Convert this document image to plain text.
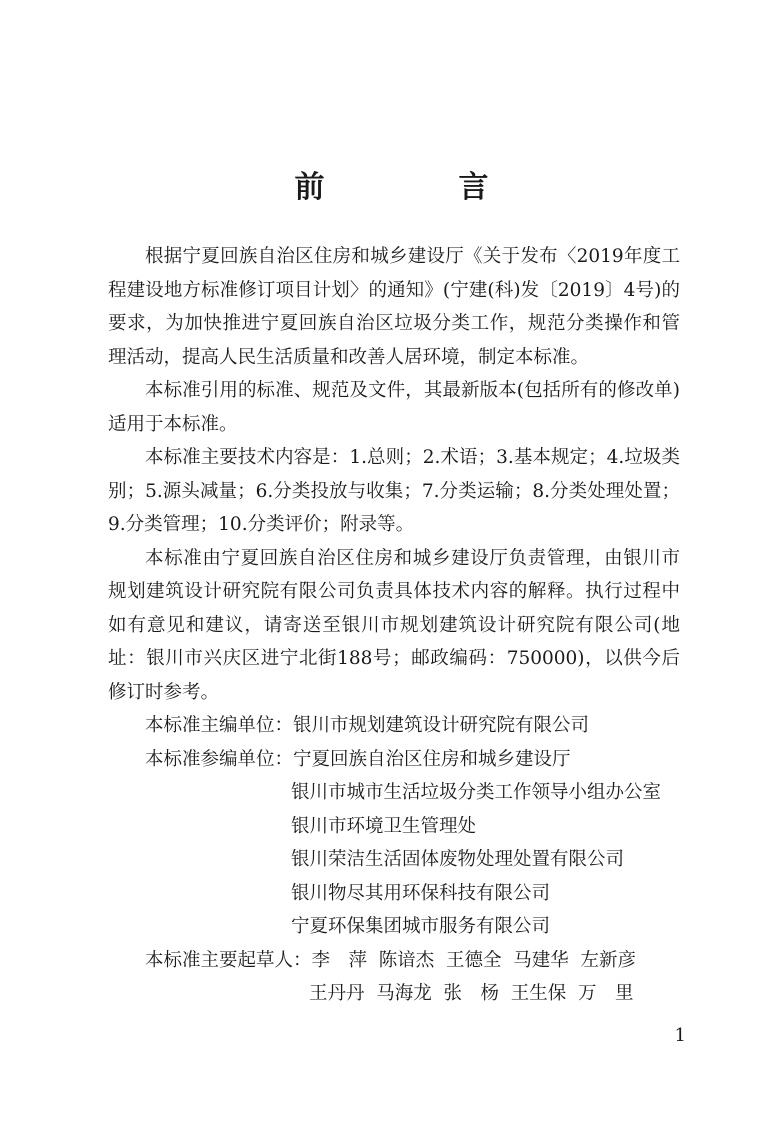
前　言

根据宁夏回族自治区住房和城乡建设厅《关于发布〈2019年度工程建设地方标准修订项目计划〉的通知》(宁建(科)发〔2019〕4号)的要求，为加快推进宁夏回族自治区垃圾分类工作，规范分类操作和管理活动，提高人民生活质量和改善人居环境，制定本标准。

本标准引用的标准、规范及文件，其最新版本(包括所有的修改单)适用于本标准。

本标准主要技术内容是：1.总则；2.术语；3.基本规定；4.垃圾类别；5.源头减量；6.分类投放与收集；7.分类运输；8.分类处理处置；9.分类管理；10.分类评价；附录等。

本标准由宁夏回族自治区住房和城乡建设厅负责管理，由银川市规划建筑设计研究院有限公司负责具体技术内容的解释。执行过程中如有意见和建议，请寄送至银川市规划建筑设计研究院有限公司(地址：银川市兴庆区进宁北街188号；邮政编码：750000)，以供今后修订时参考。

本标准主编单位：银川市规划建筑设计研究院有限公司

本标准参编单位：宁夏回族自治区住房和城乡建设厅

银川市城市生活垃圾分类工作领导小组办公室

银川市环境卫生管理处

银川荣洁生活固体废物处理处置有限公司

银川物尽其用环保科技有限公司

宁夏环保集团城市服务有限公司

本标准主要起草人：李　萍  陈谙杰  王德全  马建华  左新彦

王丹丹  马海龙  张　杨  王生保  万　里

1
